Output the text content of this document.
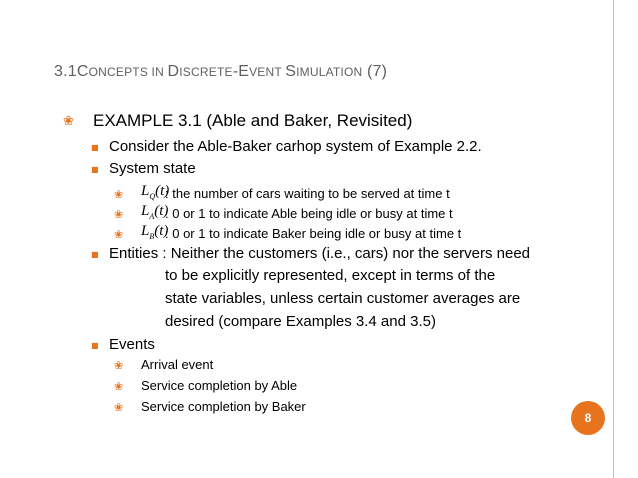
3.1CONCEPTS IN DISCRETE-EVENT SIMULATION (7)
❀	EXAMPLE 3.1 (Able and Baker, Revisited)
■ Consider the Able-Baker carhop system of Example 2.2.
■ System state
❀	$L_Q(t)$
: the number of cars waiting to be served at time t
❀	$L_A(t)$
: 0 or 1 to indicate Able being idle or busy at time t
❀	$L_B(t)$
: 0 or 1 to indicate Baker being idle or busy at time t
■ Entities : Neither the customers (i.e., cars) nor the servers need
to be explicitly represented, except in terms of the
state variables, unless certain customer averages are
desired (compare Examples 3.4 and 3.5)
■ Events
❀	Arrival event
❀	Service completion by Able
❀	Service completion by Baker
8
